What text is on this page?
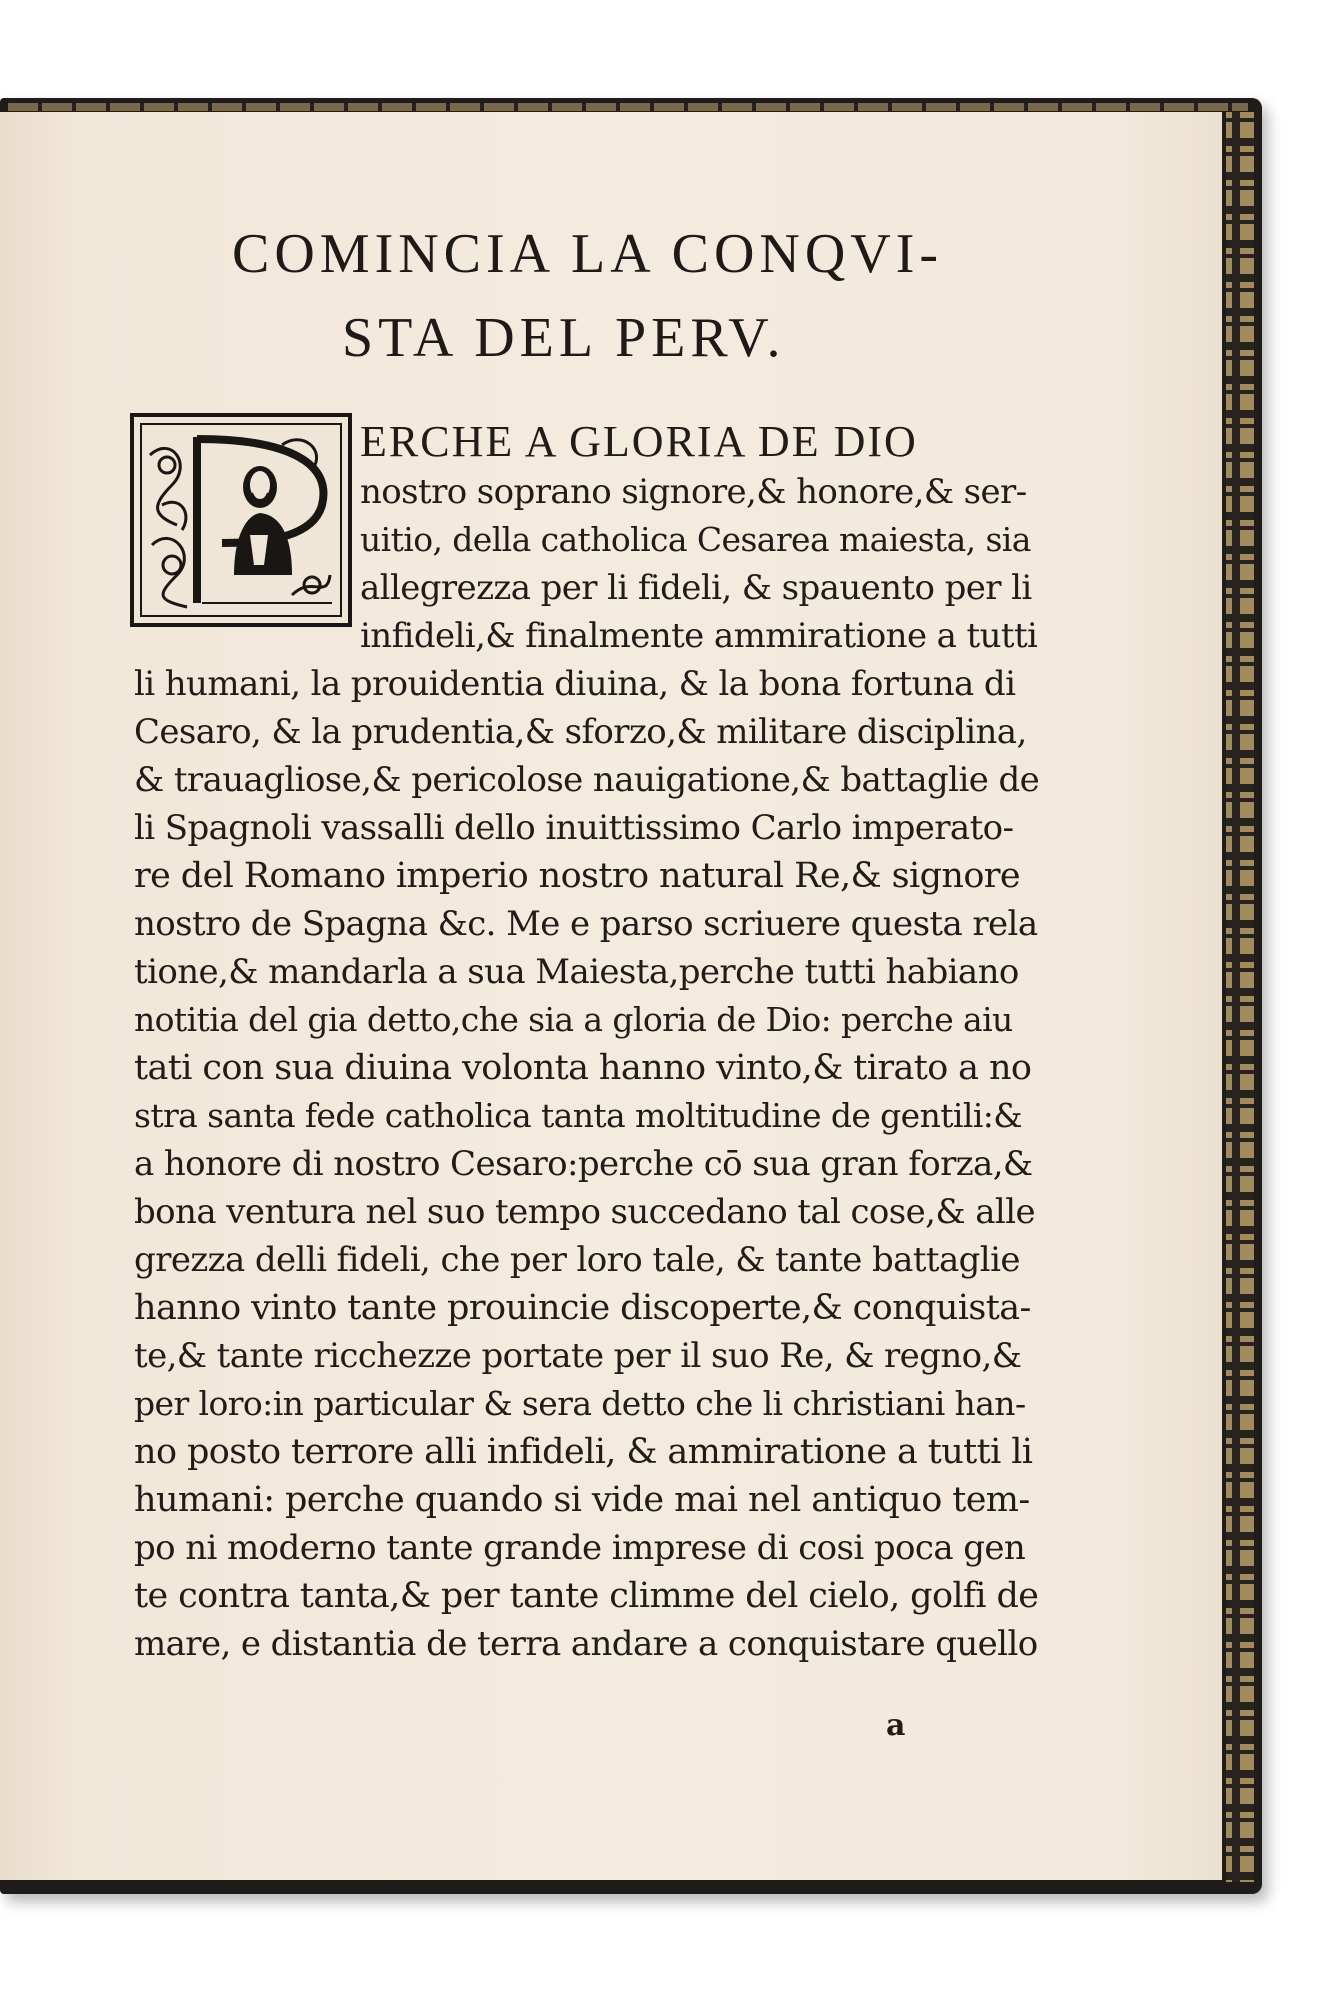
COMINCIA LA CONQVI-
STA DEL PERV.
ERCHE A GLORIA DE DIO
nostro soprano signore,& honore,& ser-
uitio, della catholica Cesarea maiesta, sia
allegrezza per li fideli, & spauento per li
infideli,& finalmente ammiratione a tutti
li humani, la prouidentia diuina, & la bona fortuna di
Cesaro, & la prudentia,& sforzo,& militare disciplina,
& trauagliose,& pericolose nauigatione,& battaglie de
li Spagnoli vassalli dello inuittissimo Carlo imperato-
re del Romano imperio nostro natural Re,& signore
nostro de Spagna &c. Me e parso scriuere questa rela
tione,& mandarla a sua Maiesta,perche tutti habiano
notitia del gia detto,che sia a gloria de Dio: perche aiu
tati con sua diuina volonta hanno vinto,& tirato a no
stra santa fede catholica tanta moltitudine de gentili:&
a honore di nostro Cesaro:perche cō sua gran forza,&
bona ventura nel suo tempo succedano tal cose,& alle
grezza delli fideli, che per loro tale, & tante battaglie
hanno vinto tante prouincie discoperte,& conquista-
te,& tante ricchezze portate per il suo Re, & regno,&
per loro:in particular & sera detto che li christiani han-
no posto terrore alli infideli, & ammiratione a tutti li
humani: perche quando si vide mai nel antiquo tem-
po ni moderno tante grande imprese di cosi poca gen
te contra tanta,& per tante climme del cielo, golfi de
mare, e distantia de terra andare a conquistare quello
a
